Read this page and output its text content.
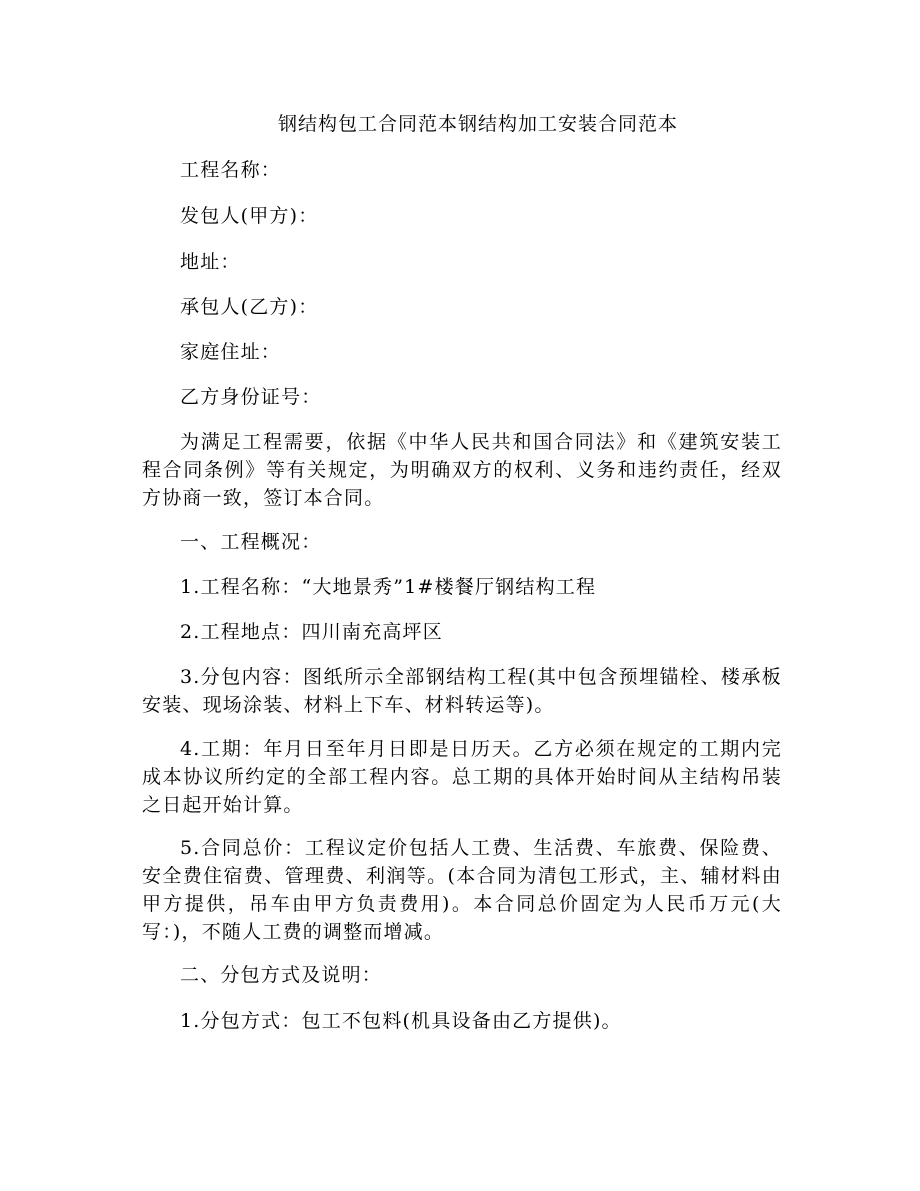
钢结构包工合同范本钢结构加工安装合同范本

工程名称：

发包人(甲方)：

地址：

承包人(乙方)：

家庭住址：

乙方身份证号：

为满足工程需要，依据《中华人民共和国合同法》和《建筑安装工程合同条例》等有关规定，为明确双方的权利、义务和违约责任，经双方协商一致，签订本合同。

一、工程概况：

1.工程名称：“大地景秀”1#楼餐厅钢结构工程

2.工程地点：四川南充高坪区

3.分包内容：图纸所示全部钢结构工程(其中包含预埋锚栓、楼承板安装、现场涂装、材料上下车、材料转运等)。

4.工期：年月日至年月日即是日历天。乙方必须在规定的工期内完成本协议所约定的全部工程内容。总工期的具体开始时间从主结构吊装之日起开始计算。

5.合同总价：工程议定价包括人工费、生活费、车旅费、保险费、安全费住宿费、管理费、利润等。(本合同为清包工形式，主、辅材料由甲方提供，吊车由甲方负责费用)。本合同总价固定为人民币万元(大写：)，不随人工费的调整而增减。

二、分包方式及说明：

1.分包方式：包工不包料(机具设备由乙方提供)。
